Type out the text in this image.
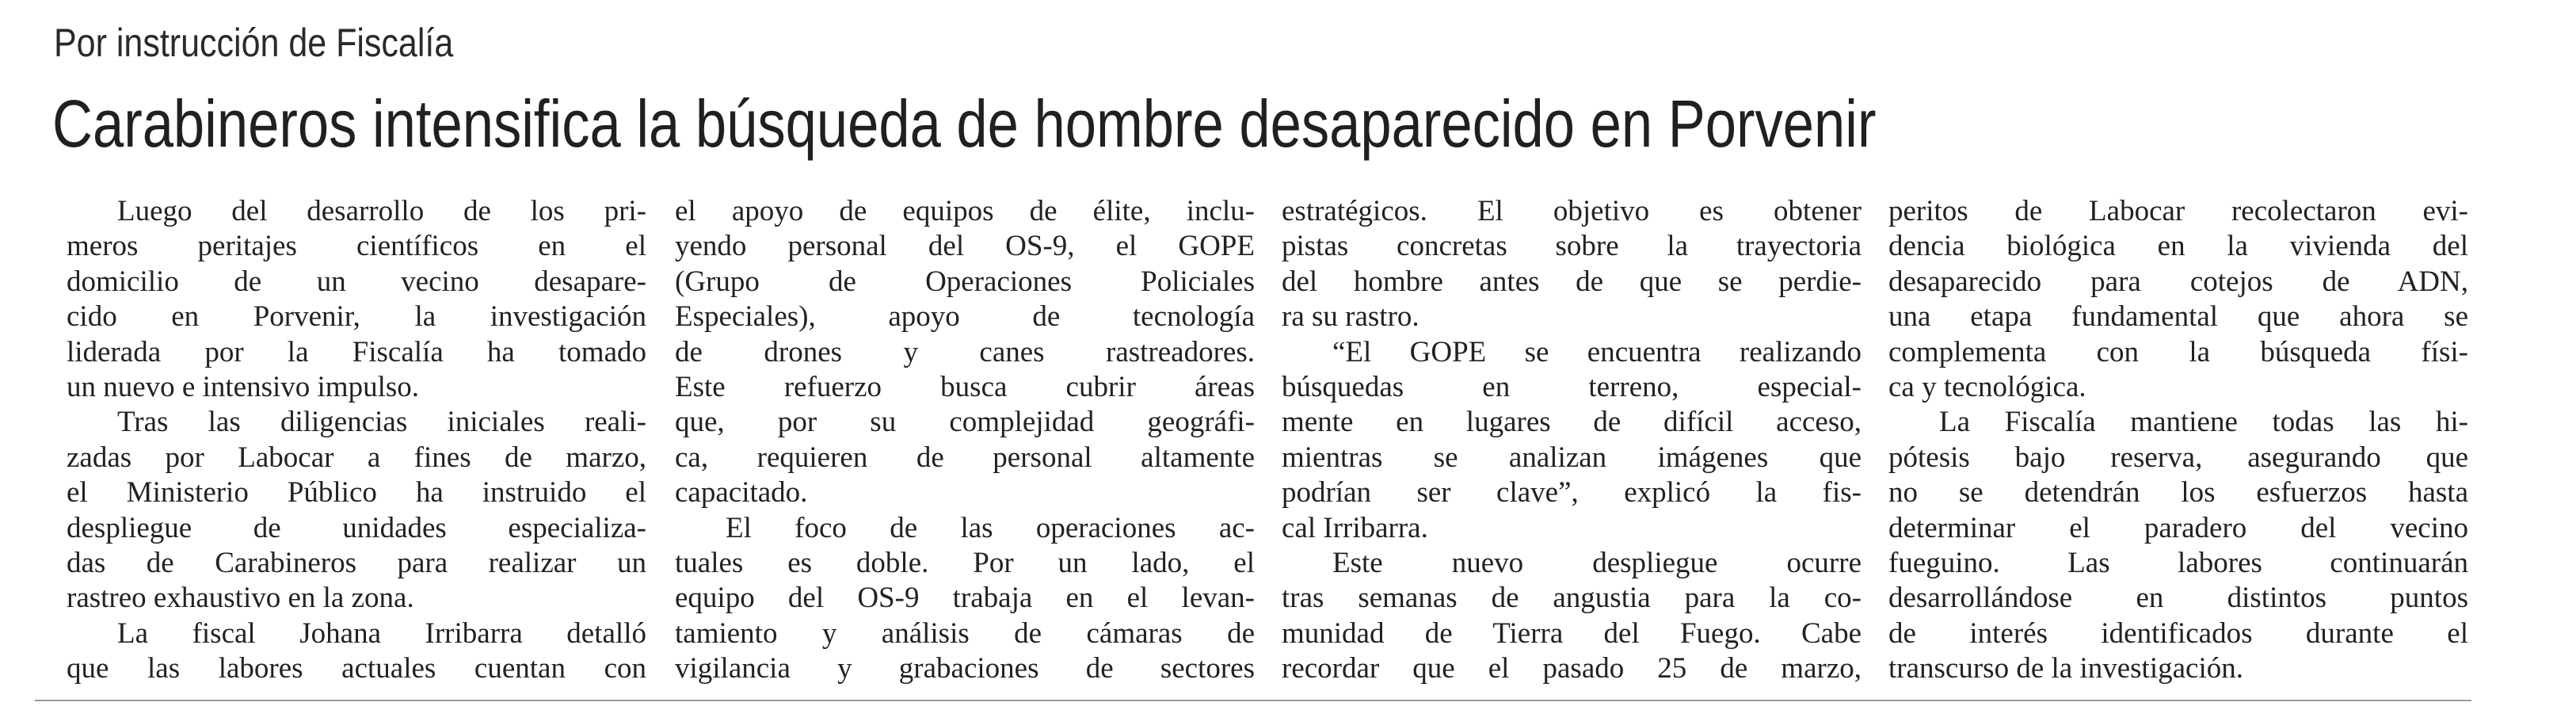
Por instrucción de Fiscalía
Carabineros intensifica la búsqueda de hombre desaparecido en Porvenir
Luego del desarrollo de los pri-
meros peritajes científicos en el
domicilio de un vecino desapare-
cido en Porvenir, la investigación
liderada por la Fiscalía ha tomado
un nuevo e intensivo impulso.
Tras las diligencias iniciales reali-
zadas por Labocar a fines de marzo,
el Ministerio Público ha instruido el
despliegue de unidades especializa-
das de Carabineros para realizar un
rastreo exhaustivo en la zona.
La fiscal Johana Irribarra detalló
que las labores actuales cuentan con
el apoyo de equipos de élite, inclu-
yendo personal del OS-9, el GOPE
(Grupo de Operaciones Policiales
Especiales), apoyo de tecnología
de drones y canes rastreadores.
Este refuerzo busca cubrir áreas
que, por su complejidad geográfi-
ca, requieren de personal altamente
capacitado.
El foco de las operaciones ac-
tuales es doble. Por un lado, el
equipo del OS-9 trabaja en el levan-
tamiento y análisis de cámaras de
vigilancia y grabaciones de sectores
estratégicos. El objetivo es obtener
pistas concretas sobre la trayectoria
del hombre antes de que se perdie-
ra su rastro.
“El GOPE se encuentra realizando
búsquedas en terreno, especial-
mente en lugares de difícil acceso,
mientras se analizan imágenes que
podrían ser clave”, explicó la fis-
cal Irribarra.
Este nuevo despliegue ocurre
tras semanas de angustia para la co-
munidad de Tierra del Fuego. Cabe
recordar que el pasado 25 de marzo,
peritos de Labocar recolectaron evi-
dencia biológica en la vivienda del
desaparecido para cotejos de ADN,
una etapa fundamental que ahora se
complementa con la búsqueda físi-
ca y tecnológica.
La Fiscalía mantiene todas las hi-
pótesis bajo reserva, asegurando que
no se detendrán los esfuerzos hasta
determinar el paradero del vecino
fueguino. Las labores continuarán
desarrollándose en distintos puntos
de interés identificados durante el
transcurso de la investigación.
